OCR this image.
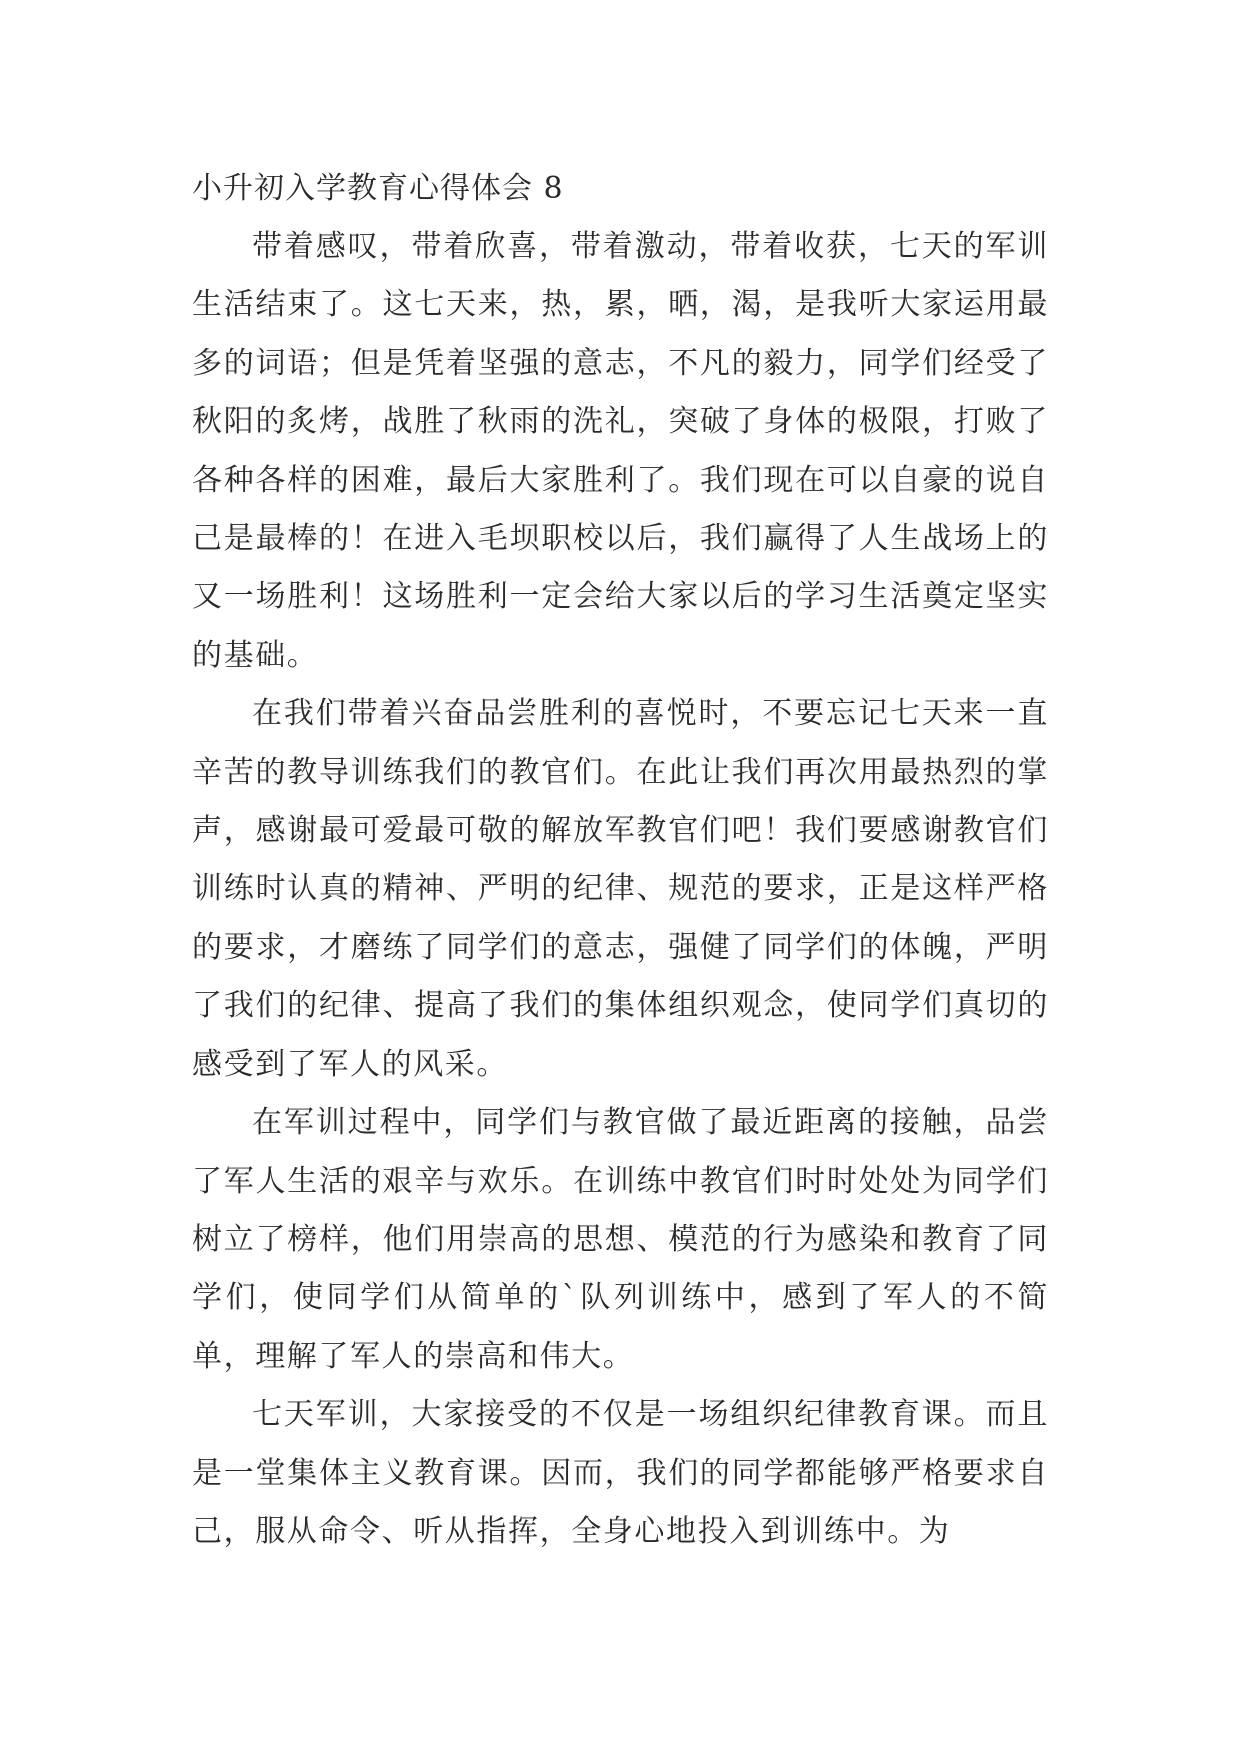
小升初入学教育心得体会 8

带着感叹，带着欣喜，带着激动，带着收获，七天的军训生活结束了。这七天来，热，累，晒，渴，是我听大家运用最多的词语；但是凭着坚强的意志，不凡的毅力，同学们经受了秋阳的炙烤，战胜了秋雨的洗礼，突破了身体的极限，打败了各种各样的困难，最后大家胜利了。我们现在可以自豪的说自己是最棒的！在进入毛坝职校以后，我们赢得了人生战场上的又一场胜利！这场胜利一定会给大家以后的学习生活奠定坚实的基础。

在我们带着兴奋品尝胜利的喜悦时，不要忘记七天来一直辛苦的教导训练我们的教官们。在此让我们再次用最热烈的掌声，感谢最可爱最可敬的解放军教官们吧！我们要感谢教官们训练时认真的精神、严明的纪律、规范的要求，正是这样严格的要求，才磨练了同学们的意志，强健了同学们的体魄，严明了我们的纪律、提高了我们的集体组织观念，使同学们真切的感受到了军人的风采。

在军训过程中，同学们与教官做了最近距离的接触，品尝了军人生活的艰辛与欢乐。在训练中教官们时时处处为同学们树立了榜样，他们用崇高的思想、模范的行为感染和教育了同学们，使同学们从简单的`队列训练中，感到了军人的不简单，理解了军人的崇高和伟大。

七天军训，大家接受的不仅是一场组织纪律教育课。而且是一堂集体主义教育课。因而，我们的同学都能够严格要求自己，服从命令、听从指挥，全身心地投入到训练中。为
